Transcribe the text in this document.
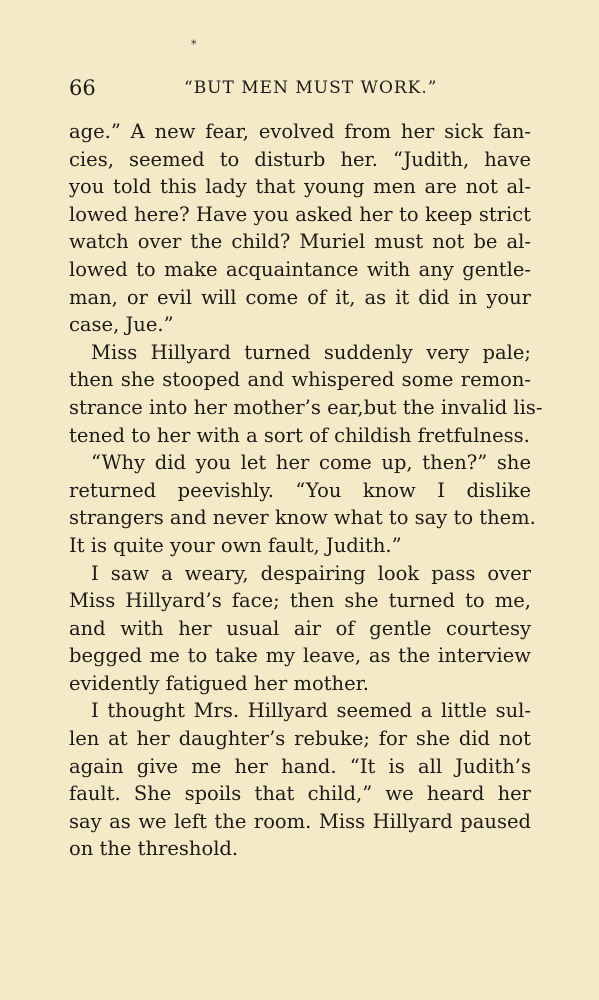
*
66	“BUT MEN MUST WORK.”
age.” A new fear, evolved from her sick fan-
cies, seemed to disturb her. “Judith, have
you told this lady that young men are not al-
lowed here? Have you asked her to keep strict
watch over the child? Muriel must not be al-
lowed to make acquaintance with any gentle-
man, or evil will come of it, as it did in your
case, Jue.”
Miss Hillyard turned suddenly very pale;
then she stooped and whispered some remon-
strance into her mother’s ear,but the invalid lis-
tened to her with a sort of childish fretfulness.
“Why did you let her come up, then?” she
returned peevishly. “You know I dislike
strangers and never know what to say to them.
It is quite your own fault, Judith.”
I saw a weary, despairing look pass over
Miss Hillyard’s face; then she turned to me,
and with her usual air of gentle courtesy
begged me to take my leave, as the interview
evidently fatigued her mother.
I thought Mrs. Hillyard seemed a little sul-
len at her daughter’s rebuke; for she did not
again give me her hand. “It is all Judith’s
fault. She spoils that child,” we heard her
say as we left the room. Miss Hillyard paused
on the threshold.
